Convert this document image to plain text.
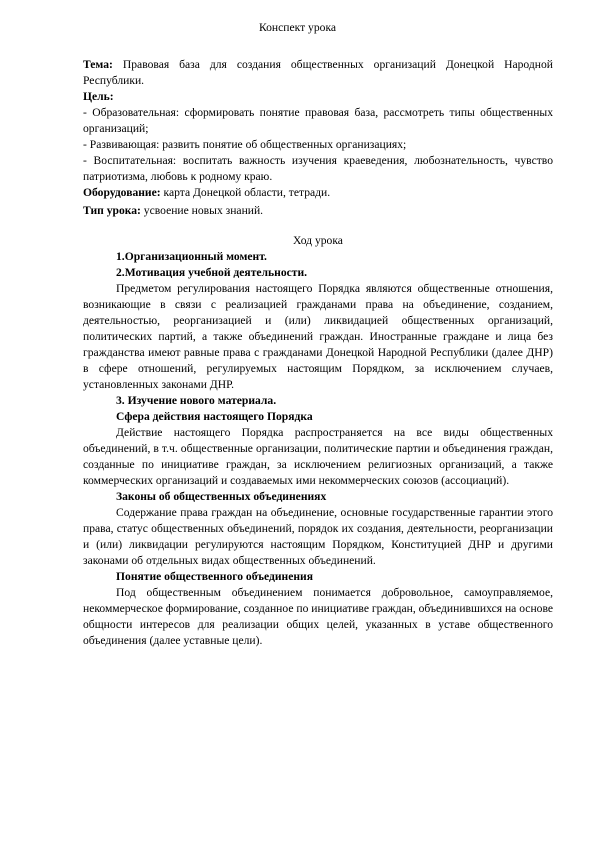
Конспект урока

Тема: Правовая база для создания общественных организаций Донецкой Народной Республики.

Цель:

- Образовательная: сформировать понятие правовая база, рассмотреть типы общественных организаций;

- Развивающая: развить понятие об общественных организациях;

- Воспитательная: воспитать важность изучения краеведения, любознательность, чувство патриотизма, любовь к родному краю.

Оборудование: карта Донецкой области, тетради.

Тип урока: усвоение новых знаний.

Ход урока

1.Организационный момент.

2.Мотивация учебной деятельности.

Предметом регулирования настоящего Порядка являются общественные отношения, возникающие в связи с реализацией гражданами права на объединение, созданием, деятельностью, реорганизацией и (или) ликвидацией общественных организаций, политических партий, а также объединений граждан. Иностранные граждане и лица без гражданства имеют равные права с гражданами Донецкой Народной Республики (далее ДНР) в сфере отношений, регулируемых настоящим Порядком, за исключением случаев, установленных законами ДНР.

3. Изучение нового материала.

Сфера действия настоящего Порядка

Действие настоящего Порядка распространяется на все виды общественных объединений, в т.ч. общественные организации, политические партии и объединения граждан, созданные по инициативе граждан, за исключением религиозных организаций, а также коммерческих организаций и создаваемых ими некоммерческих союзов (ассоциаций).

Законы об общественных объединениях

Содержание права граждан на объединение, основные государственные гарантии этого права, статус общественных объединений, порядок их создания, деятельности, реорганизации и (или) ликвидации регулируются настоящим Порядком, Конституцией ДНР и другими законами об отдельных видах общественных объединений.

Понятие общественного объединения

Под общественным объединением понимается добровольное, самоуправляемое, некоммерческое формирование, созданное по инициативе граждан, объединившихся на основе общности интересов для реализации общих целей, указанных в уставе общественного объединения (далее уставные цели).
